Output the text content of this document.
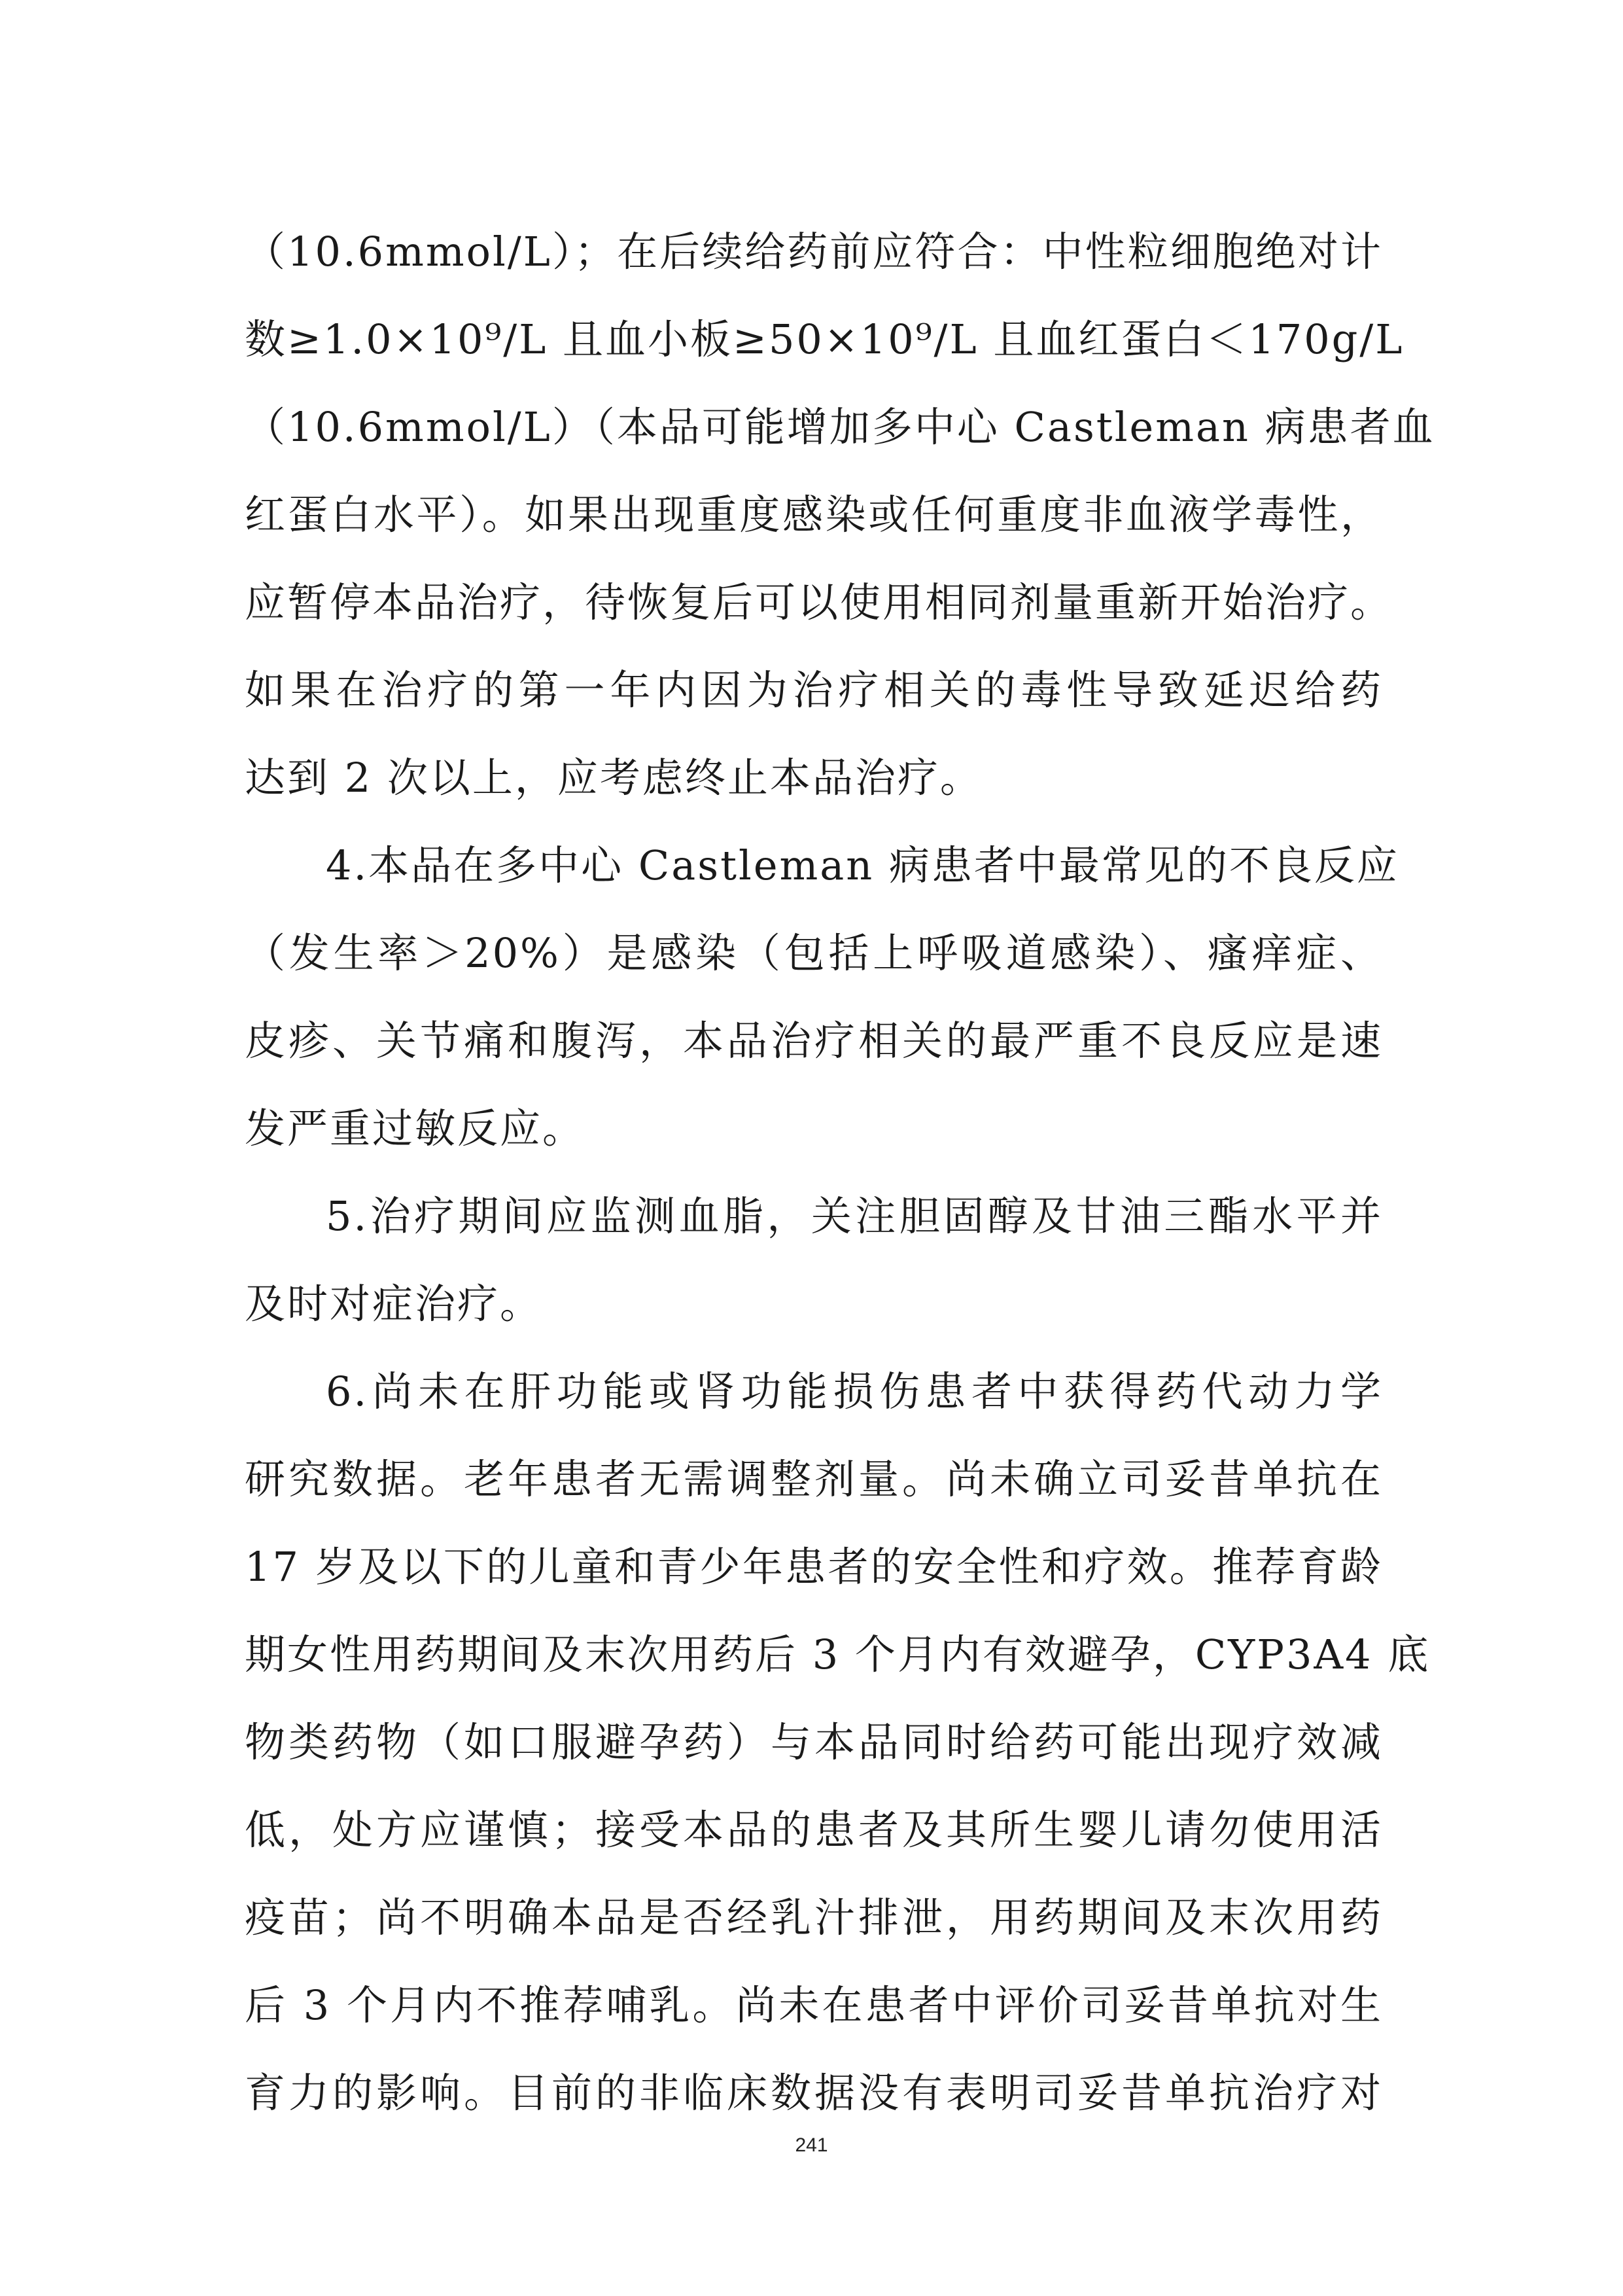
（10.6mmol/L）；在后续给药前应符合：中性粒细胞绝对计
数≥1.0×10⁹/L 且血小板≥50×10⁹/L 且血红蛋白＜170g/L
（10.6mmol/L）（本品可能增加多中心 Castleman 病患者血
红蛋白水平）。如果出现重度感染或任何重度非血液学毒性，
应暂停本品治疗，待恢复后可以使用相同剂量重新开始治疗。
如果在治疗的第一年内因为治疗相关的毒性导致延迟给药
达到 2 次以上，应考虑终止本品治疗。
4.本品在多中心 Castleman 病患者中最常见的不良反应
（发生率＞20%）是感染（包括上呼吸道感染）、瘙痒症、
皮疹、关节痛和腹泻，本品治疗相关的最严重不良反应是速
发严重过敏反应。
5.治疗期间应监测血脂，关注胆固醇及甘油三酯水平并
及时对症治疗。
6.尚未在肝功能或肾功能损伤患者中获得药代动力学
研究数据。老年患者无需调整剂量。尚未确立司妥昔单抗在
17 岁及以下的儿童和青少年患者的安全性和疗效。推荐育龄
期女性用药期间及末次用药后 3 个月内有效避孕，CYP3A4 底
物类药物（如口服避孕药）与本品同时给药可能出现疗效减
低，处方应谨慎；接受本品的患者及其所生婴儿请勿使用活
疫苗；尚不明确本品是否经乳汁排泄，用药期间及末次用药
后 3 个月内不推荐哺乳。尚未在患者中评价司妥昔单抗对生
育力的影响。目前的非临床数据没有表明司妥昔单抗治疗对
241
